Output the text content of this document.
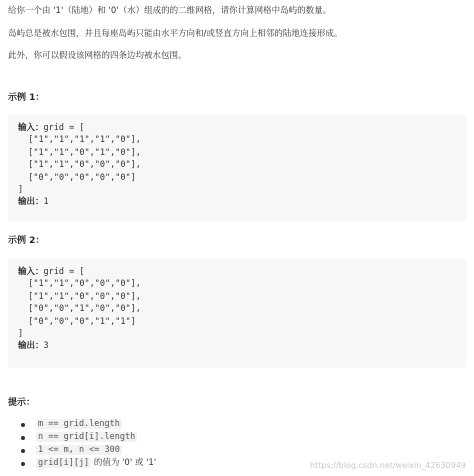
给你一个由 '1'（陆地）和 '0'（水）组成的的二维网格，请你计算网格中岛屿的数量。
岛屿总是被水包围，并且每座岛屿只能由水平方向和/或竖直方向上相邻的陆地连接形成。
此外，你可以假设该网格的四条边均被水包围。
示例 1：
输入：grid = [
["1","1","1","1","0"],
["1","1","0","1","0"],
["1","1","0","0","0"],
["0","0","0","0","0"]
]
输出：1
示例 2：
输入：grid = [
["1","1","0","0","0"],
["1","1","0","0","0"],
["0","0","1","0","0"],
["0","0","0","1","1"]
]
输出：3
提示：
m == grid.length
n == grid[i].length
1 <= m, n <= 300
grid[i][j] 的值为 '0' 或 '1'	https://blog.csdn.net/weixin_42630949
